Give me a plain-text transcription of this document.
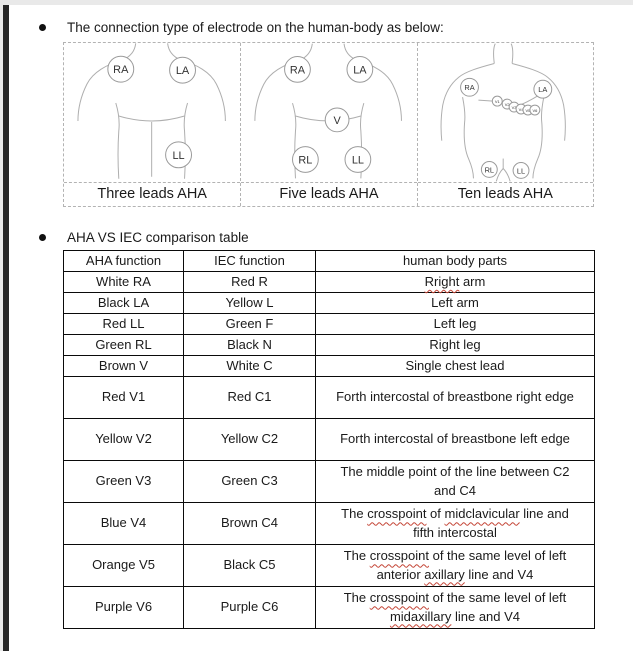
The connection type of electrode on the human-body as below:
RA	LA
LL
Three leads AHA
RA	LA
V
RL	LL
Five leads AHA
RA	LA
V1
V2
V3 V4 V5 V6
RL	LL
Ten leads AHA
AHA VS IEC comparison table
AHA function	IEC function	human body parts
White RA	Red R	Rright arm
Black LA	Yellow L	Left arm
Red LL	Green F	Left leg
Green RL	Black N	Right leg
Brown V	White C	Single chest lead
Red V1	Red C1	Forth intercostal of breastbone right edge
Yellow V2	Yellow C2	Forth intercostal of breastbone left edge
Green V3	Green C3	The middle point of the line between C2 and C4
Blue V4	Brown C4	The crosspoint of midclavicular line and fifth intercostal
Orange V5	Black C5	The crosspoint of the same level of left anterior axillary line and V4
Purple V6	Purple C6	The crosspoint of the same level of left midaxillary line and V4
